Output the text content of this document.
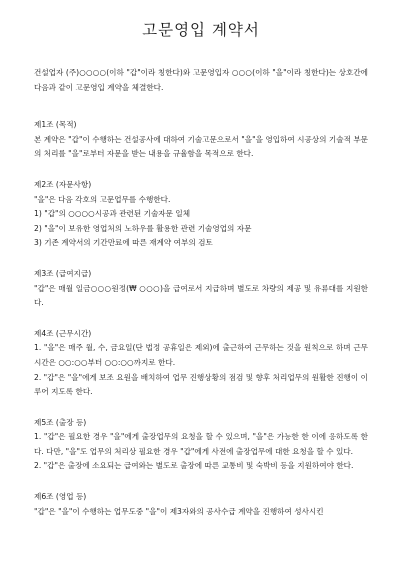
고문영입 계약서
건설업자 (주)○○○○(이하 "갑"이라 칭한다)와 고문영입자 ○○○(이하 "을"이라 칭한다)는 상호간에 다음과 같이 고문영입 계약을 체결한다.
제1조 (목적)
본 계약은 "갑"이 수행하는 건설공사에 대하여 기술고문으로서 "을"을 영입하여 시공상의 기술적 부문의 처리를 "을"로부터 자문을 받는 내용을 규율함을 목적으로 한다.
제2조 (자문사항)
"을"은 다음 각호의 고문업무를 수행한다.
1) "갑"의 ○○○○시공과 관련된 기술자문 일체
2) "을"이 보유한 영업처의 노하우를 활용한 관련 기술영업의 자문
3) 기존 계약서의 기간만료에 따른 재계약 여부의 검토
제3조 (급여지급)
"갑"은 매월 일금○○○원정(₩ ○○○)을 급여로서 지급하며 별도로 차량의 제공 및 유류대를 지원한다.
제4조 (근무시간)
1. "을"은 매주 월, 수, 금요일(단 법정 공휴일은 제외)에 출근하여 근무하는 것을 원칙으로 하며 근무 시간은 ○○:○○부터 ○○:○○까지로 한다.
2. "갑"은 "을"에게 보조 요원을 배치하여 업무 진행상황의 점검 및 향후 처리업무의 원활한 진행이 이루어 지도록 한다.
제5조 (출장 등)
1. "갑"은 필요한 경우 "을"에게 출장업무의 요청을 할 수 있으며, "을"은 가능한 한 이에 응하도록 한다. 다만, "을"도 업무의 처리상 필요한 경우 "갑"에게 사전에 출장업무에 대한 요청을 할 수 있다.
2. "갑"은 출장에 소요되는 급여와는 별도로 출장에 따른 교통비 및 숙박비 등을 지원하여야 한다.
제6조 (영업 등)
"갑"은 "을"이 수행하는 업무도중 "을"이 제3자와의 공사수급 계약을 진행하여 성사시킨
